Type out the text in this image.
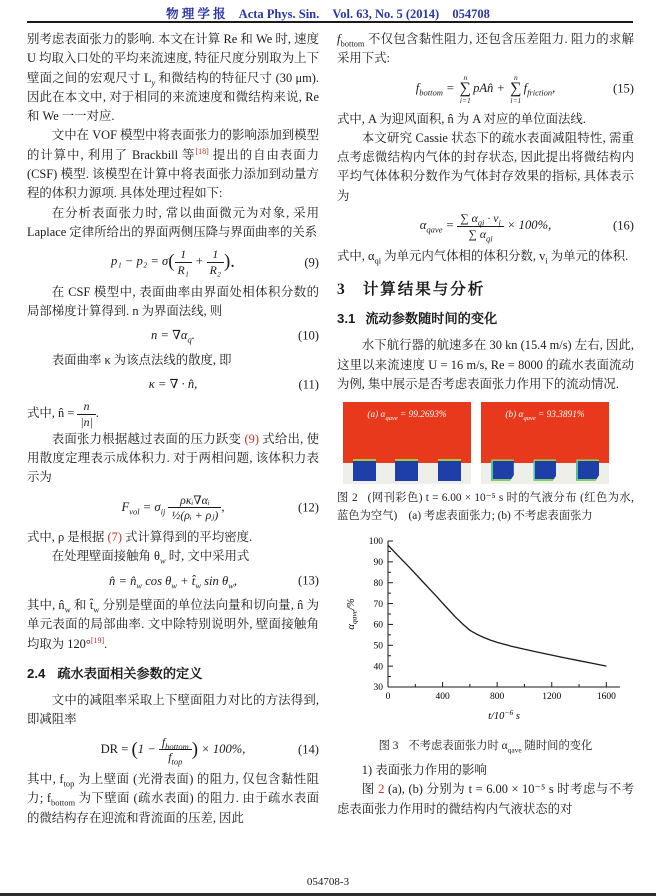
物 理 学 报 Acta Phys. Sin. Vol. 63, No. 5 (2014) 054708

别考虑表面张力的影响. 本文在计算 Re 和 We 时, 速度 U 均取入口处的平均来流速度, 特征尺度分别取为上下壁面之间的宏观尺寸 $L_y$ 和微结构的特征尺寸 (30 μm). 因此在本文中, 对于相同的来流速度和微结构来说, Re 和 We 一一对应.

文中在 VOF 模型中将表面张力的影响添加到模型的计算中, 利用了 Brackbill 等[18] 提出的自由表面力 (CSF) 模型. 该模型在计算中将表面张力添加到动量方程的体积力源项. 具体处理过程如下:

在分析表面张力时, 常以曲面微元为对象, 采用 Laplace 定律所给出的界面两侧压降与界面曲率的关系

$p_1 - p_2 = \sigma( \frac{1}{\text{R₁}} + \frac{1}{\text{R₂}}$ ).	(9)

在 CSF 模型中, 表面曲率由界面处相体积分数的局部梯度计算得到. n 为界面法线, 则

$n = \nabla\alpha_q$.	(10)

表面曲率 κ 为该点法线的散度, 即

κ = ∇ · n̂,	(11)

式中, n̂ = $\frac{n}{|n|}$ .

表面张力根据越过表面的压力跃变 (9) 式给出, 使用散度定理表示成体积力. 对于两相问题, 该体积力表示为

$F_{vol} = \sigma_{ij} \frac{\text{ρκᵢ∇αᵢ}}{\text{½(ρᵢ + ρⱼ)}}$ ,	(12)

式中, ρ 是根据 (7) 式计算得到的平均密度.

在处理壁面接触角 $\theta_w$ 时, 文中采用式

n̂ = $n̂_w$ $\cos \theta_w$ + $t̂_w$ $\sin \theta_w$,	(13)

其中, $n̂_w$ 和 $t̂_w$ 分别是壁面的单位法向量和切向量, n̂ 为单元表面的局部曲率. 文中除特别说明外, 壁面接触角均取为 120°[19].

2.4 疏水表面相关参数的定义

文中的减阻率采取上下壁面阻力对比的方法得到, 即减阻率

DR = ($1 - \frac{f_{bottom}}{f_{top}}$ ) × 100%,	(14)

其中, $f_{top}$ 为上壁面 (光滑表面) 的阻力, 仅包含黏性阻力; $f_{bottom}$ 为下壁面 (疏水表面) 的阻力. 由于疏水表面的微结构存在迎流和背流面的压差, 因此

$f_{bottom}$ 不仅包含黏性阻力, 还包含压差阻力. 阻力的求解采用下式:

$f_{bottom}$ =
n
∑
i=1
pAn̂ +
n
∑
i=1
$f_{friction}$,	(15)

式中, A 为迎风面积, n̂ 为 A 对应的单位面法线.

本文研究 Cassie 状态下的疏水表面减阻特性, 需重点考虑微结构内气体的封存状态, 因此提出将微结构内平均气体体积分数作为气体封存效果的指标, 具体表示为

$\alpha_{qave} = \frac{\sum \alpha_{qi} \cdot v_i}{\sum \alpha_{qi}} \times 100\%$,	(16)

式中, $\alpha_{qi}$ 为单元内气体相的体积分数, $v_i$ 为单元的体积.

3 计算结果与分析
3.1 流动参数随时间的变化

水下航行器的航速多在 30 kn (15.4 m/s) 左右, 因此, 这里以来流速度 U = 16 m/s, Re = 8000 的疏水表面流动为例, 集中展示是否考虑表面张力作用下的流动情况.

(a) $\alpha_{qave} = 99.2693\%$	(b) $\alpha_{qave} = 93.3891\%$

图 2 (网刊彩色) t = 6.00 × 10⁻⁵ s 时的气液分布 (红色为水, 蓝色为空气)　(a) 考虑表面张力; (b) 不考虑表面张力

30
40
50
60
70
80
90
100
0	400	800	1200	1600
$t/10^{-6}$ s
$\alpha_{qave}/\%$

图 3 不考虑表面张力时 $\alpha_{qave}$ 随时间的变化

1) 表面张力作用的影响

图 2 (a), (b) 分别为 t = 6.00 × 10⁻⁵ s 时考虑与不考虑表面张力作用时的微结构内气液状态的对

054708-3
